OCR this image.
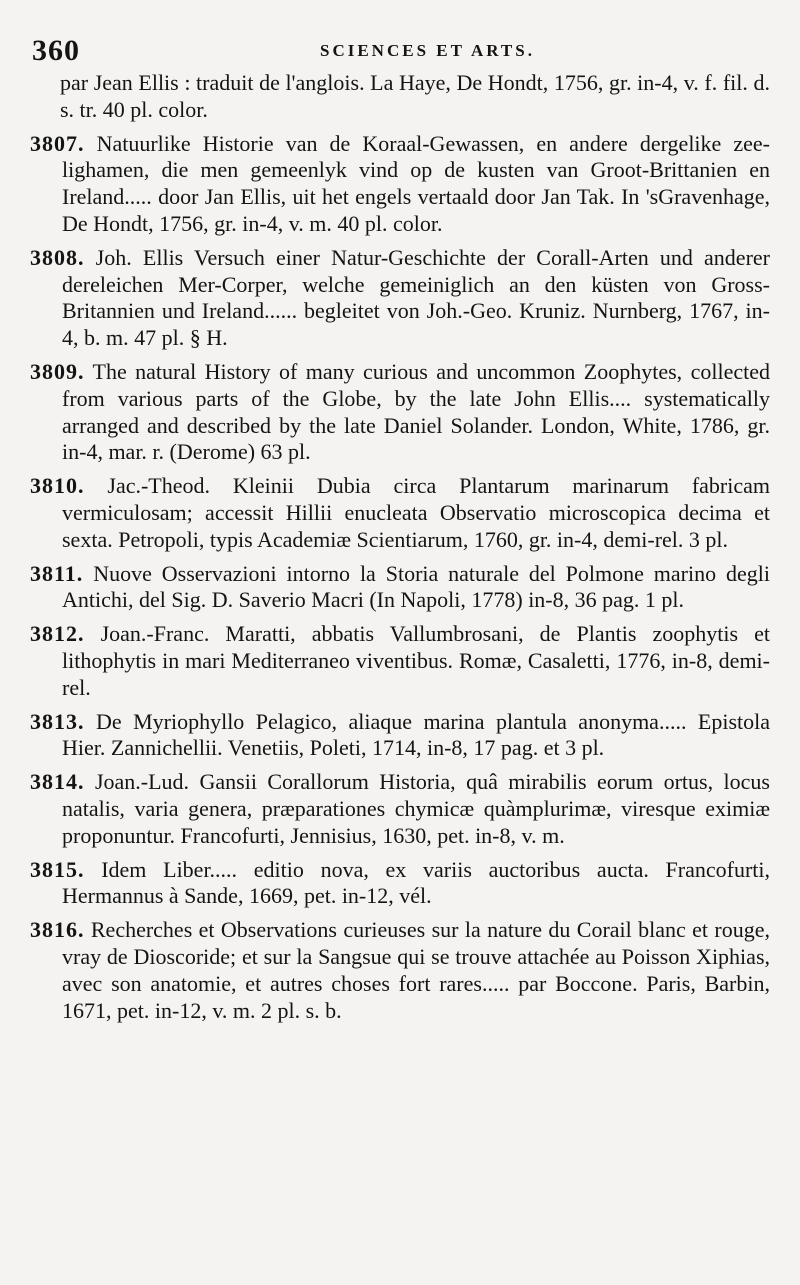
360	SCIENCES ET ARTS.

par Jean Ellis : traduit de l'anglois. La Haye, De Hondt, 1756, gr. in-4, v. f. fil. d. s. tr. 40 pl. color.

3807. Natuurlike Historie van de Koraal-Gewassen, en andere dergelike zee-lighamen, die men gemeenlyk vind op de kusten van Groot-Brittanien en Ireland..... door Jan Ellis, uit het engels vertaald door Jan Tak. In 'sGravenhage, De Hondt, 1756, gr. in-4, v. m. 40 pl. color.

3808. Joh. Ellis Versuch einer Natur-Geschichte der Corall-Arten und anderer dereleichen Mer-Corper, welche gemeiniglich an den küsten von Gross-Britannien und Ireland...... begleitet von Joh.-Geo. Kruniz. Nurnberg, 1767, in-4, b. m. 47 pl. § H.

3809. The natural History of many curious and uncommon Zoophytes, collected from various parts of the Globe, by the late John Ellis.... systematically arranged and described by the late Daniel Solander. London, White, 1786, gr. in-4, mar. r. (Derome) 63 pl.

3810. Jac.-Theod. Kleinii Dubia circa Plantarum marinarum fabricam vermiculosam; accessit Hillii enucleata Observatio microscopica decima et sexta. Petropoli, typis Academiæ Scientiarum, 1760, gr. in-4, demi-rel. 3 pl.

3811. Nuove Osservazioni intorno la Storia naturale del Polmone marino degli Antichi, del Sig. D. Saverio Macri (In Napoli, 1778) in-8, 36 pag. 1 pl.

3812. Joan.-Franc. Maratti, abbatis Vallumbrosani, de Plantis zoophytis et lithophytis in mari Mediterraneo viventibus. Romæ, Casaletti, 1776, in-8, demi-rel.

3813. De Myriophyllo Pelagico, aliaque marina plantula anonyma..... Epistola Hier. Zannichellii. Venetiis, Poleti, 1714, in-8, 17 pag. et 3 pl.

3814. Joan.-Lud. Gansii Corallorum Historia, quâ mirabilis eorum ortus, locus natalis, varia genera, præparationes chymicæ quàmplurimæ, viresque eximiæ proponuntur. Francofurti, Jennisius, 1630, pet. in-8, v. m.

3815. Idem Liber..... editio nova, ex variis auctoribus aucta. Francofurti, Hermannus à Sande, 1669, pet. in-12, vél.

3816. Recherches et Observations curieuses sur la nature du Corail blanc et rouge, vray de Dioscoride; et sur la Sangsue qui se trouve attachée au Poisson Xiphias, avec son anatomie, et autres choses fort rares..... par Boccone. Paris, Barbin, 1671, pet. in-12, v. m. 2 pl. s. b.
